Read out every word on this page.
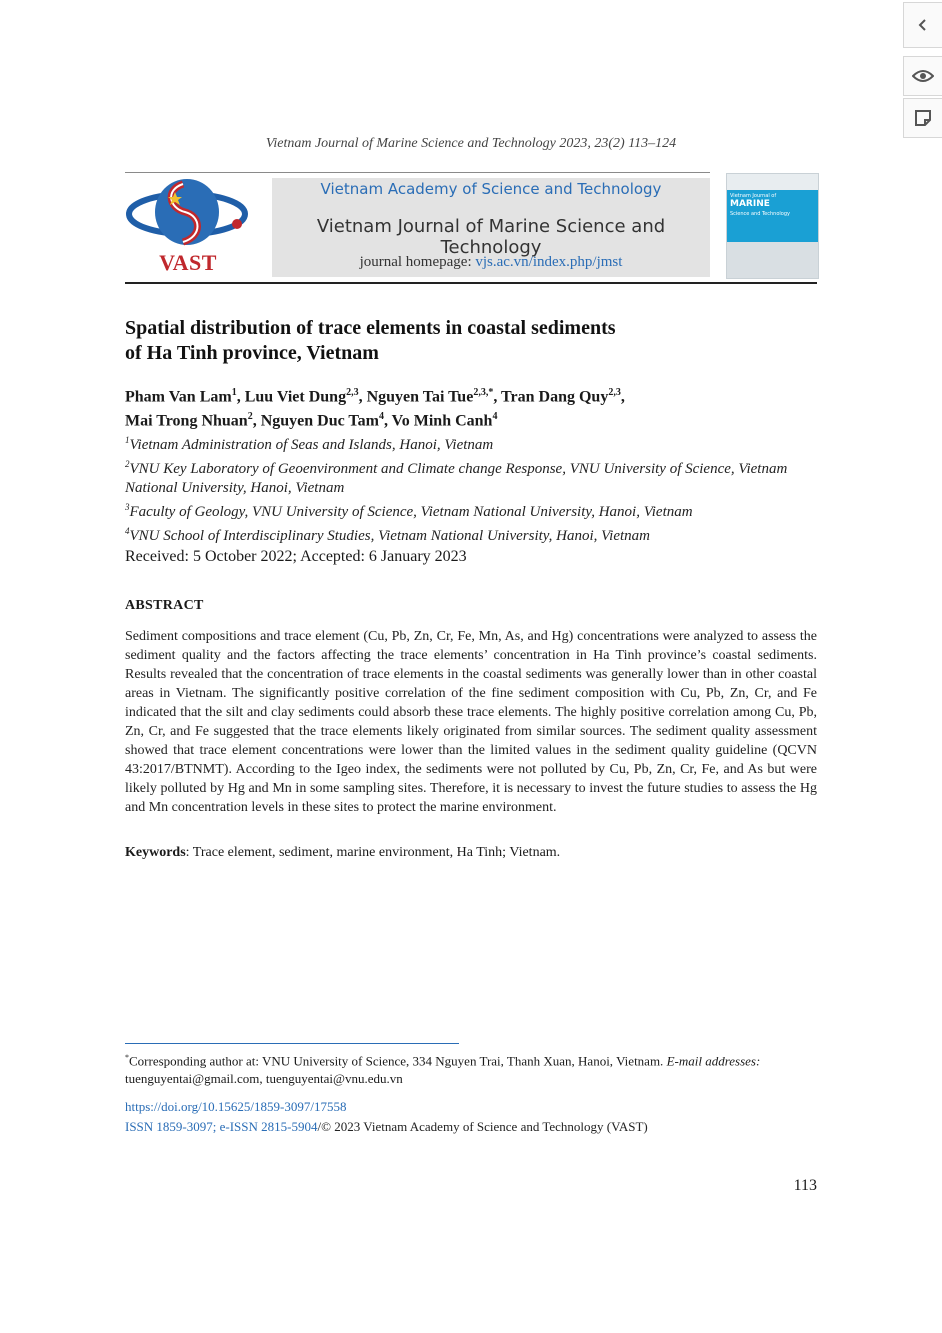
Vietnam Journal of Marine Science and Technology 2023, 23(2) 113–124
VAST
Vietnam Academy of Science and Technology
Vietnam Journal of Marine Science and Technology
journal homepage: vjs.ac.vn/index.php/jmst
Vietnam Journal of
MARINE
Science and Technology
Spatial distribution of trace elements in coastal sediments
of Ha Tinh province, Vietnam
Pham Van Lam$^1$, Luu Viet Dung$^{2,3}$, Nguyen Tai Tue$^{2,3,*}$, Tran Dang Quy$^{2,3}$,
Mai Trong Nhuan$^2$, Nguyen Duc Tam$^4$, Vo Minh Canh$^4$
$^1$Vietnam Administration of Seas and Islands, Hanoi, Vietnam
$^2$VNU Key Laboratory of Geoenvironment and Climate change Response, VNU University of Science, Vietnam National University, Hanoi, Vietnam
$^3$Faculty of Geology, VNU University of Science, Vietnam National University, Hanoi, Vietnam
$^4$VNU School of Interdisciplinary Studies, Vietnam National University, Hanoi, Vietnam
Received: 5 October 2022; Accepted: 6 January 2023
ABSTRACT

Sediment compositions and trace element (Cu, Pb, Zn, Cr, Fe, Mn, As, and Hg) concentrations were analyzed to assess the sediment quality and the factors affecting the trace elements’ concentration in Ha Tinh province’s coastal sediments. Results revealed that the concentration of trace elements in the coastal sediments was generally lower than in other coastal areas in Vietnam. The significantly positive correlation of the fine sediment composition with Cu, Pb, Zn, Cr, and Fe indicated that the silt and clay sediments could absorb these trace elements. The highly positive correlation among Cu, Pb, Zn, Cr, and Fe suggested that the trace elements likely originated from similar sources. The sediment quality assessment showed that trace element concentrations were lower than the limited values in the sediment quality guideline (QCVN 43:2017/BTNMT). According to the Igeo index, the sediments were not polluted by Cu, Pb, Zn, Cr, Fe, and As but were likely polluted by Hg and Mn in some sampling sites. Therefore, it is necessary to invest the future studies to assess the Hg and Mn concentration levels in these sites to protect the marine environment.

Keywords: Trace element, sediment, marine environment, Ha Tinh; Vietnam.
*Corresponding author at: VNU University of Science, 334 Nguyen Trai, Thanh Xuan, Hanoi, Vietnam. E-mail addresses:
tuenguyentai@gmail.com, tuenguyentai@vnu.edu.vn
https://doi.org/10.15625/1859-3097/17558
ISSN 1859-3097; e-ISSN 2815-5904/© 2023 Vietnam Academy of Science and Technology (VAST)
113
